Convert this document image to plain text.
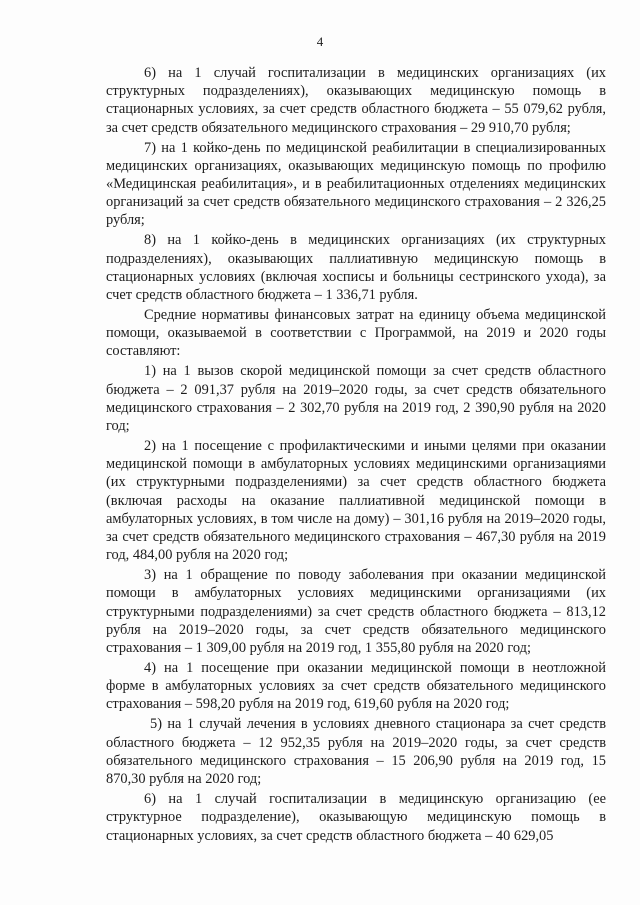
4

6) на 1 случай госпитализации в медицинских организациях (их структурных подразделениях), оказывающих медицинскую помощь в стационарных условиях, за счет средств областного бюджета – 55 079,62 рубля, за счет средств обязательного медицинского страхования – 29 910,70 рубля;

7) на 1 койко-день по медицинской реабилитации в специализированных медицинских организациях, оказывающих медицинскую помощь по профилю «Медицинская реабилитация», и в реабилитационных отделениях медицинских организаций за счет средств обязательного медицинского страхования – 2 326,25 рубля;

8) на 1 койко-день в медицинских организациях (их структурных подразделениях), оказывающих паллиативную медицинскую помощь в стационарных условиях (включая хосписы и больницы сестринского ухода), за счет средств областного бюджета – 1 336,71 рубля.

Средние нормативы финансовых затрат на единицу объема медицинской помощи, оказываемой в соответствии с Программой, на 2019 и 2020 годы составляют:

1) на 1 вызов скорой медицинской помощи за счет средств областного бюджета – 2 091,37 рубля на 2019–2020 годы, за счет средств обязательного медицинского страхования – 2 302,70 рубля на 2019 год, 2 390,90 рубля на 2020 год;

2) на 1 посещение с профилактическими и иными целями при оказании медицинской помощи в амбулаторных условиях медицинскими организациями (их структурными подразделениями) за счет средств областного бюджета (включая расходы на оказание паллиативной медицинской помощи в амбулаторных условиях, в том числе на дому) – 301,16 рубля на 2019–2020 годы, за счет средств обязательного медицинского страхования – 467,30 рубля на 2019 год, 484,00 рубля на 2020 год;

3) на 1 обращение по поводу заболевания при оказании медицинской помощи в амбулаторных условиях медицинскими организациями (их структурными подразделениями) за счет средств областного бюджета – 813,12 рубля на 2019–2020 годы, за счет средств обязательного медицинского страхования – 1 309,00 рубля на 2019 год, 1 355,80 рубля на 2020 год;

4) на 1 посещение при оказании медицинской помощи в неотложной форме в амбулаторных условиях за счет средств обязательного медицинского страхования – 598,20 рубля на 2019 год, 619,60 рубля на 2020 год;

5) на 1 случай лечения в условиях дневного стационара за счет средств областного бюджета – 12 952,35 рубля на 2019–2020 годы, за счет средств обязательного медицинского страхования – 15 206,90 рубля на 2019 год, 15 870,30 рубля на 2020 год;

6) на 1 случай госпитализации в медицинскую организацию (ее структурное подразделение), оказывающую медицинскую помощь в стационарных условиях, за счет средств областного бюджета – 40 629,05
